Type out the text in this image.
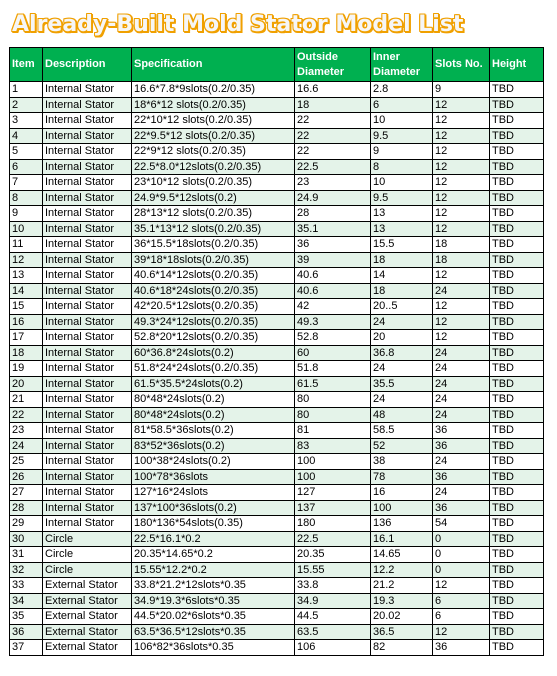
Already-Built Mold Stator Model List
Item	Description	Specification	Outside Diameter	Inner Diameter	Slots No.	Height
1	Internal Stator	16.6*7.8*9slots(0.2/0.35)	16.6	2.8	9	TBD
2	Internal Stator	18*6*12 slots(0.2/0.35)	18	6	12	TBD
3	Internal Stator	22*10*12 slots(0.2/0.35)	22	10	12	TBD
4	Internal Stator	22*9.5*12 slots(0.2/0.35)	22	9.5	12	TBD
5	Internal Stator	22*9*12 slots(0.2/0.35)	22	9	12	TBD
6	Internal Stator	22.5*8.0*12slots(0.2/0.35)	22.5	8	12	TBD
7	Internal Stator	23*10*12 slots(0.2/0.35)	23	10	12	TBD
8	Internal Stator	24.9*9.5*12slots(0.2)	24.9	9.5	12	TBD
9	Internal Stator	28*13*12 slots(0.2/0.35)	28	13	12	TBD
10	Internal Stator	35.1*13*12 slots(0.2/0.35)	35.1	13	12	TBD
11	Internal Stator	36*15.5*18slots(0.2/0.35)	36	15.5	18	TBD
12	Internal Stator	39*18*18slots(0.2/0.35)	39	18	18	TBD
13	Internal Stator	40.6*14*12slots(0.2/0.35)	40.6	14	12	TBD
14	Internal Stator	40.6*18*24slots(0.2/0.35)	40.6	18	24	TBD
15	Internal Stator	42*20.5*12slots(0.2/0.35)	42	20..5	12	TBD
16	Internal Stator	49.3*24*12slots(0.2/0.35)	49.3	24	12	TBD
17	Internal Stator	52.8*20*12slots(0.2/0.35)	52.8	20	12	TBD
18	Internal Stator	60*36.8*24slots(0.2)	60	36.8	24	TBD
19	Internal Stator	51.8*24*24slots(0.2/0.35)	51.8	24	24	TBD
20	Internal Stator	61.5*35.5*24slots(0.2)	61.5	35.5	24	TBD
21	Internal Stator	80*48*24slots(0.2)	80	24	24	TBD
22	Internal Stator	80*48*24slots(0.2)	80	48	24	TBD
23	Internal Stator	81*58.5*36slots(0.2)	81	58.5	36	TBD
24	Internal Stator	83*52*36slots(0.2)	83	52	36	TBD
25	Internal Stator	100*38*24slots(0.2)	100	38	24	TBD
26	Internal Stator	100*78*36slots	100	78	36	TBD
27	Internal Stator	127*16*24slots	127	16	24	TBD
28	Internal Stator	137*100*36slots(0.2)	137	100	36	TBD
29	Internal Stator	180*136*54slots(0.35)	180	136	54	TBD
30	Circle	22.5*16.1*0.2	22.5	16.1	0	TBD
31	Circle	20.35*14.65*0.2	20.35	14.65	0	TBD
32	Circle	15.55*12.2*0.2	15.55	12.2	0	TBD
33	External Stator	33.8*21.2*12slots*0.35	33.8	21.2	12	TBD
34	External Stator	34.9*19.3*6slots*0.35	34.9	19.3	6	TBD
35	External Stator	44.5*20.02*6slots*0.35	44.5	20.02	6	TBD
36	External Stator	63.5*36.5*12slots*0.35	63.5	36.5	12	TBD
37	External Stator	106*82*36slots*0.35	106	82	36	TBD
